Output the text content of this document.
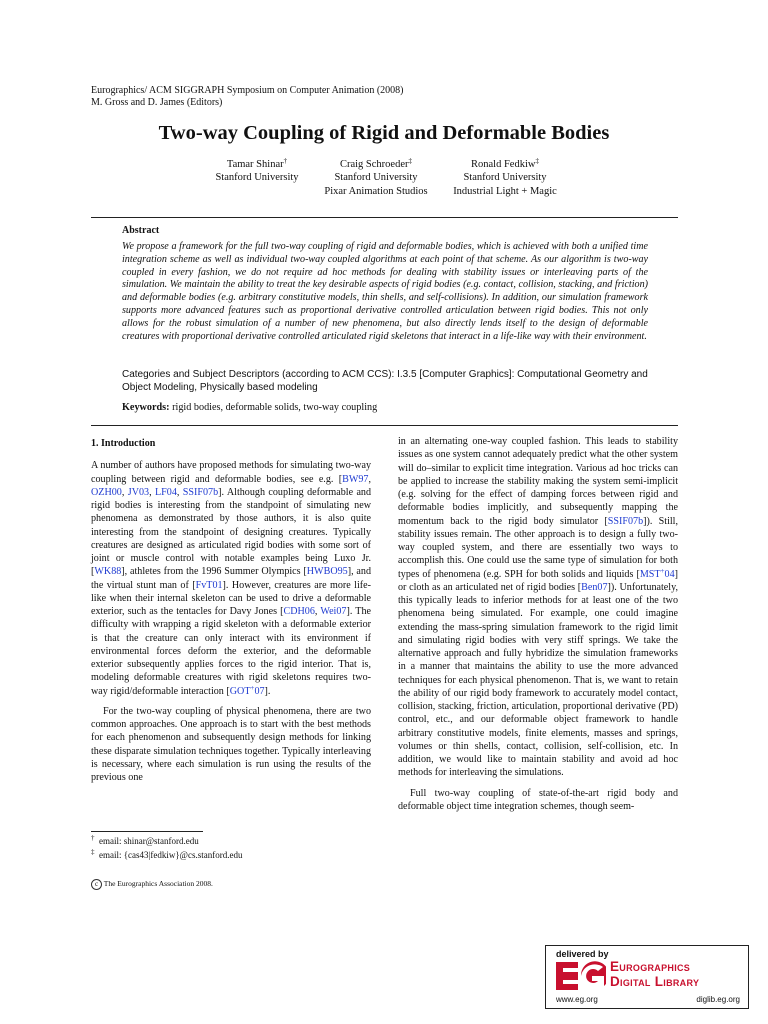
Eurographics/ ACM SIGGRAPH Symposium on Computer Animation (2008)
M. Gross and D. James (Editors)
Two-way Coupling of Rigid and Deformable Bodies
Tamar Shinar†
Stanford University
Craig Schroeder‡
Stanford University
Pixar Animation Studios
Ronald Fedkiw‡
Stanford University
Industrial Light + Magic
Abstract
We propose a framework for the full two-way coupling of rigid and deformable bodies, which is achieved with both a unified time integration scheme as well as individual two-way coupled algorithms at each point of that scheme. As our algorithm is two-way coupled in every fashion, we do not require ad hoc methods for dealing with stability issues or interleaving parts of the simulation. We maintain the ability to treat the key desirable aspects of rigid bodies (e.g. contact, collision, stacking, and friction) and deformable bodies (e.g. arbitrary constitutive models, thin shells, and self-collisions). In addition, our simulation framework supports more advanced features such as proportional derivative controlled articulation between rigid bodies. This not only allows for the robust simulation of a number of new phenomena, but also directly lends itself to the design of deformable creatures with proportional derivative controlled articulated rigid skeletons that interact in a life-like way with their environment.
Categories and Subject Descriptors (according to ACM CCS): I.3.5 [Computer Graphics]: Computational Geometry and Object Modeling, Physically based modeling
Keywords: rigid bodies, deformable solids, two-way coupling
1. Introduction

A number of authors have proposed methods for simulating two-way coupling between rigid and deformable bodies, see e.g. [BW97, OZH00, JV03, LF04, SSIF07b]. Although coupling deformable and rigid bodies is interesting from the standpoint of simulating new phenomena as demonstrated by those authors, it is also quite interesting from the standpoint of designing creatures. Typically creatures are designed as articulated rigid bodies with some sort of joint or muscle control with notable examples being Luxo Jr. [WK88], athletes from the 1996 Summer Olympics [HWBO95], and the virtual stunt man of [FvT01]. However, creatures are more life-like when their internal skeleton can be used to drive a deformable exterior, such as the tentacles for Davy Jones [CDH06, Wei07]. The difficulty with wrapping a rigid skeleton with a deformable exterior is that the creature can only interact with its environment if environmental forces deform the exterior, and the deformable exterior subsequently applies forces to the rigid interior. That is, modeling deformable creatures with rigid skeletons requires two-way rigid/deformable interaction [GOT+07].

For the two-way coupling of physical phenomena, there are two common approaches. One approach is to start with the best methods for each phenomenon and subsequently design methods for linking these disparate simulation techniques together. Typically interleaving is necessary, where each simulation is run using the results of the previous one

in an alternating one-way coupled fashion. This leads to stability issues as one system cannot adequately predict what the other system will do–similar to explicit time integration. Various ad hoc tricks can be applied to increase the stability making the system semi-implicit (e.g. solving for the effect of damping forces between rigid and deformable bodies implicitly, and subsequently mapping the momentum back to the rigid body simulator [SSIF07b]). Still, stability issues remain. The other approach is to design a fully two-way coupled system, and there are essentially two ways to accomplish this. One could use the same type of simulation for both types of phenomena (e.g. SPH for both solids and liquids [MST+04] or cloth as an articulated net of rigid bodies [Ben07]). Unfortunately, this typically leads to inferior methods for at least one of the two phenomena being simulated. For example, one could imagine extending the mass-spring simulation framework to the rigid limit and simulating rigid bodies with very stiff springs. We take the alternative approach and fully hybridize the simulation frameworks in a manner that maintains the ability to use the more advanced techniques for each physical phenomenon. That is, we want to retain the ability of our rigid body framework to accurately model contact, collision, stacking, friction, articulation, proportional derivative (PD) control, etc., and our deformable object framework to handle arbitrary constitutive models, finite elements, masses and springs, volumes or thin shells, contact, collision, self-collision, etc. In addition, we would like to maintain stability and avoid ad hoc methods for interleaving the simulations.

Full two-way coupling of state-of-the-art rigid body and deformable object time integration schemes, though seem-

† email: shinar@stanford.edu
‡ email: {cas43|fedkiw}@cs.stanford.edu
c The Eurographics Association 2008.
delivered by
EG	Eurographics
Digital Library
www.eg.org	diglib.eg.org
